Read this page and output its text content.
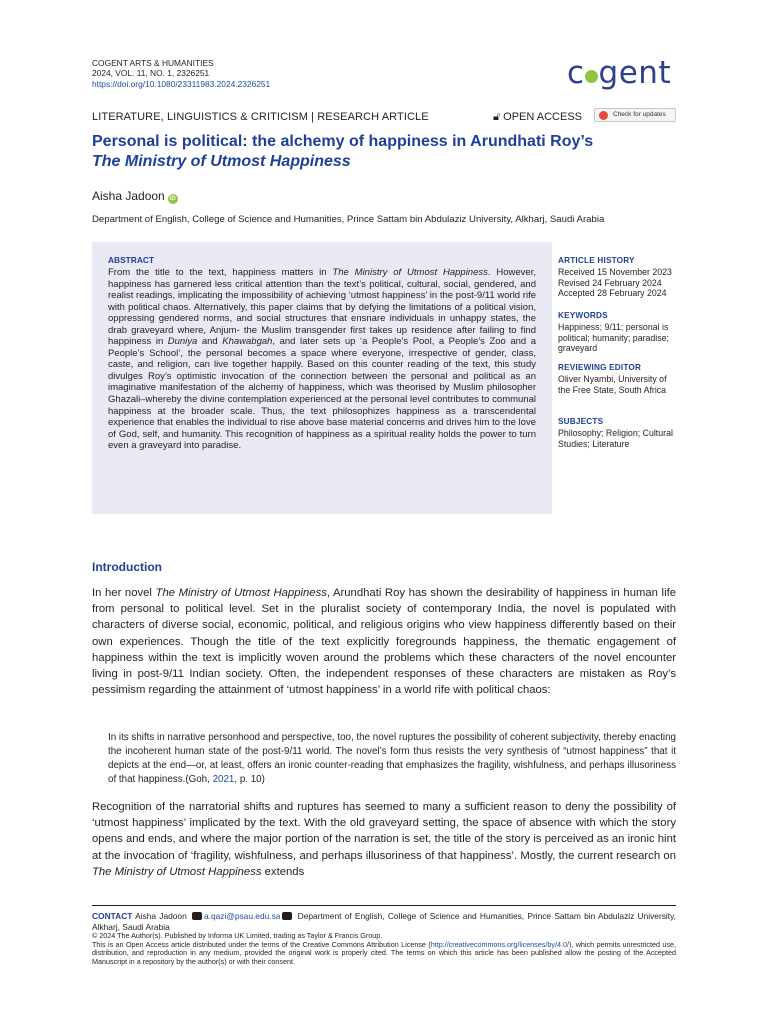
COGENT ARTS & HUMANITIES
2024, VOL. 11, NO. 1, 2326251
https://doi.org/10.1080/23311983.2024.2326251	c gent
LITERATURE, LINGUISTICS & CRITICISM | RESEARCH ARTICLE	🔓︎ OPEN ACCESS	Check for updates
Personal is political: the alchemy of happiness in Arundhati Roy’s
The Ministry of Utmost Happiness
Aisha Jadoon iD
Department of English, College of Science and Humanities, Prince Sattam bin Abdulaziz University, Alkharj, Saudi Arabia
ABSTRACT
From the title to the text, happiness matters in The Ministry of Utmost Happiness. However, happiness has garnered less critical attention than the text’s political, cultural, social, gendered, and realist readings, implicating the impossibility of achieving ‘utmost happiness’ in the post-9/11 world rife with political chaos. Alternatively, this paper claims that by defying the limitations of a political vision, oppressing gendered norms, and social structures that ensnare individuals in unhappy states, the drab graveyard where, Anjum- the Muslim transgender first takes up residence after failing to find happiness in Duniya and Khawabgah, and later sets up ‘a People’s Pool, a People’s Zoo and a People’s School’, the personal becomes a space where everyone, irrespective of gender, class, caste, and religion, can live together happily. Based on this counter reading of the text, this study divulges Roy’s optimistic invocation of the connection between the personal and political as an imaginative manifestation of the alchemy of happiness, which was theorised by Muslim philosopher Ghazali–whereby the divine contemplation experienced at the personal level contributes to communal happiness at the broader scale. Thus, the text philosophizes happiness as a transcendental experience that enables the individual to rise above base material concerns and drives him to the love of God, self, and humanity. This recognition of happiness as a spiritual reality holds the power to turn even a graveyard into paradise.
ARTICLE HISTORY
Received 15 November 2023
Revised 24 February 2024
Accepted 28 February 2024
KEYWORDS
Happiness; 9/11; personal is political; humanity; paradise; graveyard
REVIEWING EDITOR
Oliver Nyambi, University of the Free State, South Africa
SUBJECTS
Philosophy; Religion; Cultural Studies; Literature
Introduction
In her novel The Ministry of Utmost Happiness, Arundhati Roy has shown the desirability of happiness in human life from personal to political level. Set in the pluralist society of contemporary India, the novel is populated with characters of diverse social, economic, political, and religious origins who view happiness differently based on their own experiences. Though the title of the text explicitly foregrounds happiness, the thematic engagement of happiness within the text is implicitly woven around the problems which these characters of the novel encounter living in post-9/11 Indian society. Often, the independent responses of these characters are mistaken as Roy’s pessimism regarding the attainment of ‘utmost happiness’ in a world rife with political chaos:
In its shifts in narrative personhood and perspective, too, the novel ruptures the possibility of coherent subjectivity, thereby enacting the incoherent human state of the post-9/11 world. The novel’s form thus resists the very synthesis of “utmost happiness” that it depicts at the end—or, at least, offers an ironic counter-reading that emphasizes the fragility, wishfulness, and perhaps illusoriness of that happiness.(Goh, 2021, p. 10)
Recognition of the narratorial shifts and ruptures has seemed to many a sufficient reason to deny the possibility of ‘utmost happiness’ implicated by the text. With the old graveyard setting, the space of absence with which the story opens and ends, and where the major portion of the narration is set, the title of the story is perceived as an ironic hint at the invocation of ‘fragility, wishfulness, and perhaps illusoriness of that happiness’. Mostly, the current research on The Ministry of Utmost Happiness extends
CONTACT Aisha Jadoon a.qazi@psau.edu.sa Department of English, College of Science and Humanities, Prince Sattam bin Abdulaziz University, Alkharj, Saudi Arabia
© 2024 The Author(s). Published by Informa UK Limited, trading as Taylor & Francis Group.
This is an Open Access article distributed under the terms of the Creative Commons Attribution License (http://creativecommons.org/licenses/by/4.0/), which permits unrestricted use, distribution, and reproduction in any medium, provided the original work is properly cited. The terms on which this article has been published allow the posting of the Accepted Manuscript in a repository by the author(s) or with their consent.
